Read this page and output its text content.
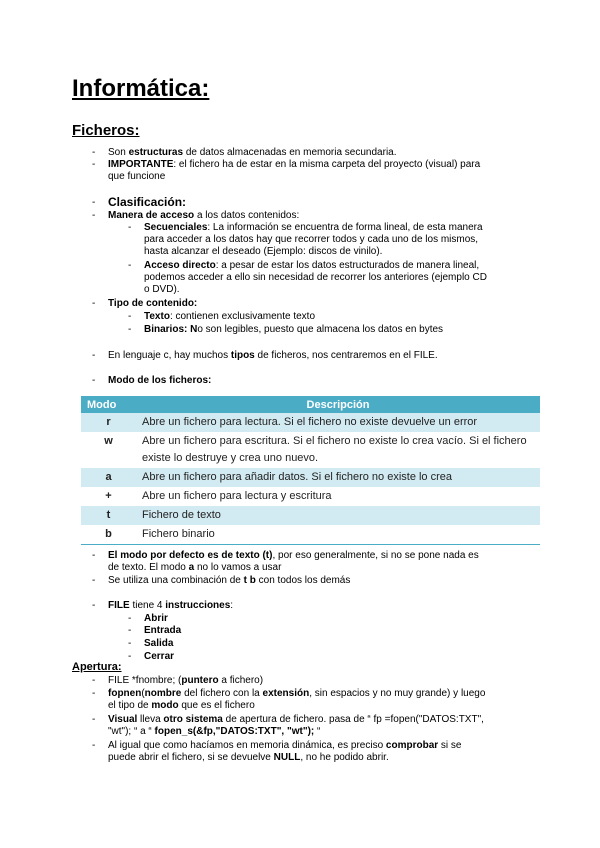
Informática:
Ficheros:
-	Son estructuras de datos almacenadas en memoria secundaria.
-	IMPORTANTE: el fichero ha de estar en la misma carpeta del proyecto (visual) para
que funcione
-	Clasificación:
-	Manera de acceso a los datos contenidos:
-	Secuenciales: La información se encuentra de forma lineal, de esta manera
para acceder a los datos hay que recorrer todos y cada uno de los mismos,
hasta alcanzar el deseado (Ejemplo: discos de vinilo).
-	Acceso directo: a pesar de estar los datos estructurados de manera lineal,
podemos acceder a ello sin necesidad de recorrer los anteriores (ejemplo CD
o DVD).
-	Tipo de contenido:
-	Texto: contienen exclusivamente texto
-	Binarios: No son legibles, puesto que almacena los datos en bytes
-	En lenguaje c, hay muchos tipos de ficheros, nos centraremos en el FILE.
-	Modo de los ficheros:
Modo	Descripción
r	Abre un fichero para lectura. Si el fichero no existe devuelve un error
w	Abre un fichero para escritura. Si el fichero no existe lo crea vacío. Si el fichero existe lo destruye y crea uno nuevo.
a	Abre un fichero para añadir datos. Si el fichero no existe lo crea
+	Abre un fichero para lectura y escritura
t	Fichero de texto
b	Fichero binario
-	El modo por defecto es de texto (t), por eso generalmente, si no se pone nada es
de texto. El modo a no lo vamos a usar
-	Se utiliza una combinación de t b con todos los demás
-	FILE tiene 4 instrucciones:
-	Abrir
-	Entrada
-	Salida
-	Cerrar
Apertura:
-	FILE *fnombre; (puntero a fichero)
-	fopnen(nombre del fichero con la extensión, sin espacios y no muy grande) y luego
el tipo de modo que es el fichero
-	Visual lleva otro sistema de apertura de fichero. pasa de “ fp =fopen("DATOS:TXT",
"wt"); “ a “ fopen_s(&fp,"DATOS:TXT", "wt"); “
-	Al igual que como hacíamos en memoria dinámica, es preciso comprobar si se
puede abrir el fichero, si se devuelve NULL, no he podido abrir.
